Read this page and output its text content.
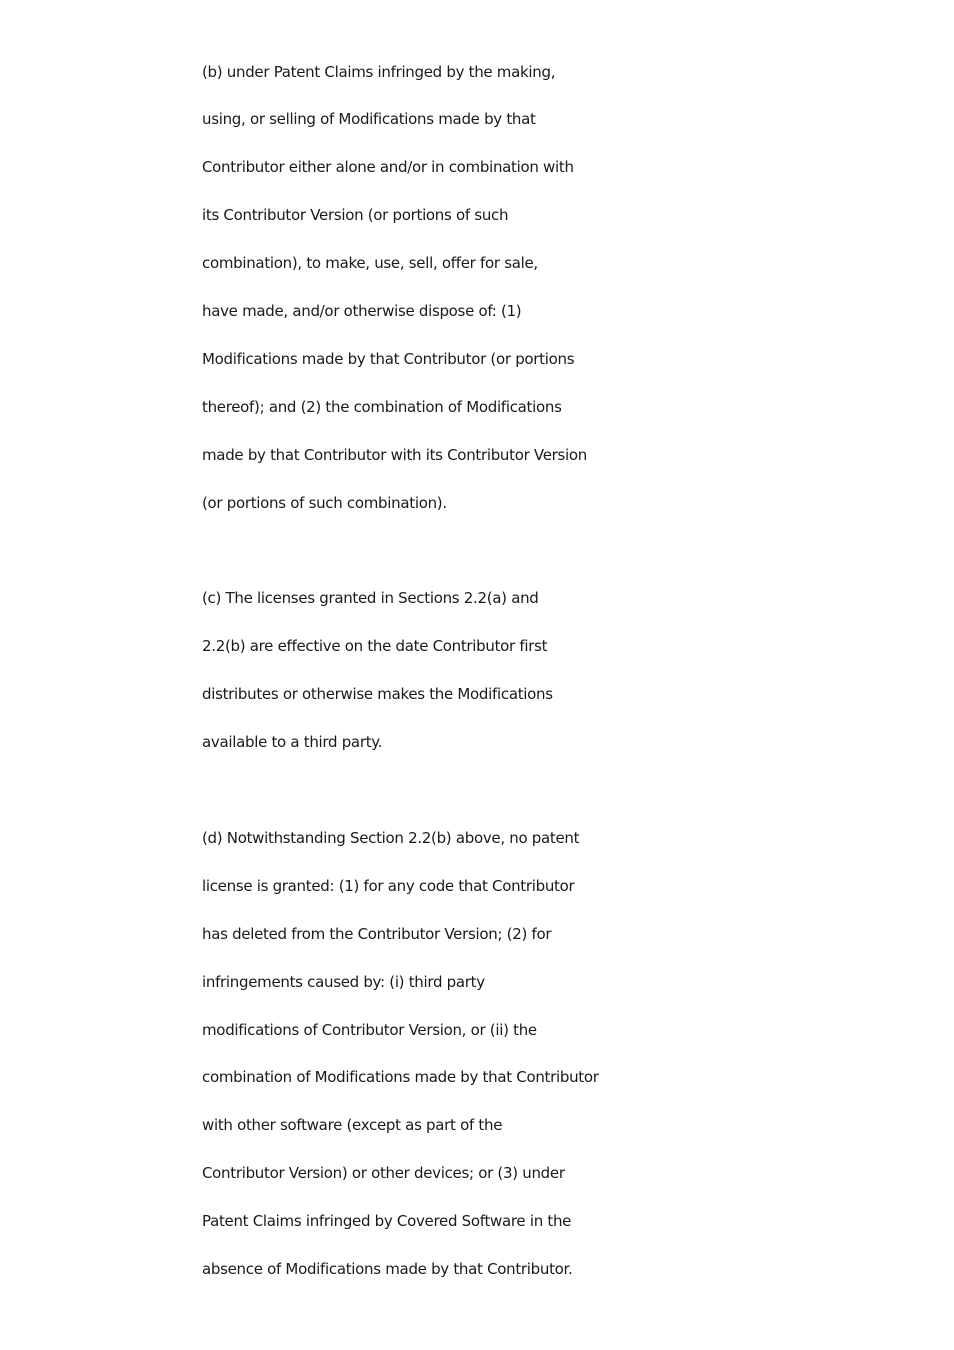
(b) under Patent Claims infringed by the making,

using, or selling of Modifications made by that

Contributor either alone and/or in combination with

its Contributor Version (or portions of such

combination), to make, use, sell, offer for sale,

have made, and/or otherwise dispose of: (1)

Modifications made by that Contributor (or portions

thereof); and (2) the combination of Modifications

made by that Contributor with its Contributor Version

(or portions of such combination).

(c) The licenses granted in Sections 2.2(a) and

2.2(b) are effective on the date Contributor first

distributes or otherwise makes the Modifications

available to a third party.

(d) Notwithstanding Section 2.2(b) above, no patent

license is granted: (1) for any code that Contributor

has deleted from the Contributor Version; (2) for

infringements caused by: (i) third party

modifications of Contributor Version, or (ii) the

combination of Modifications made by that Contributor

with other software (except as part of the

Contributor Version) or other devices; or (3) under

Patent Claims infringed by Covered Software in the

absence of Modifications made by that Contributor.
